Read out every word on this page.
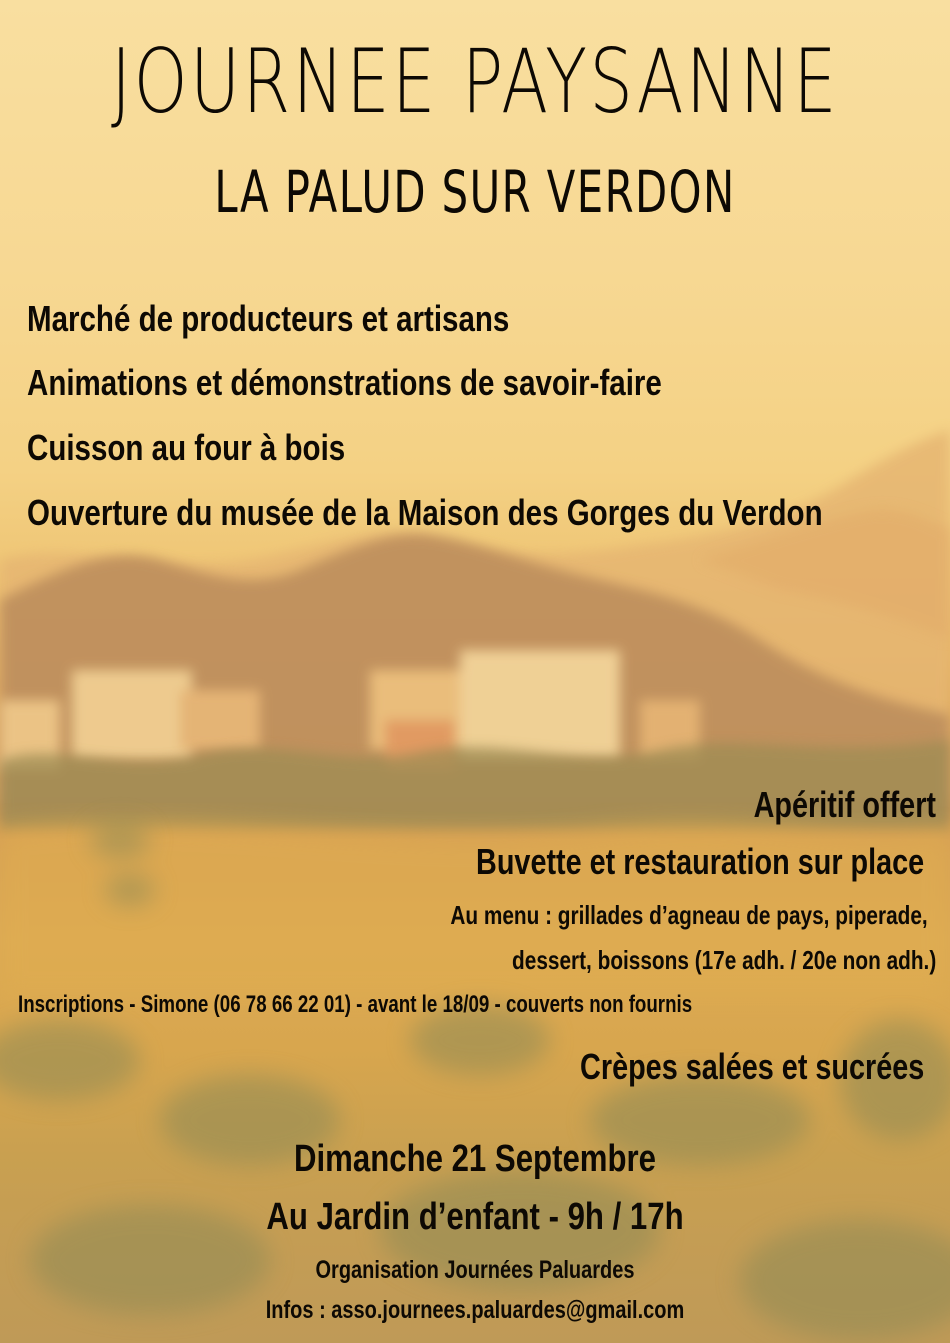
JOURNEE PAYSANNE
LA PALUD SUR VERDON
Marché de producteurs et artisans
Animations et démonstrations de savoir-faire
Cuisson au four à bois
Ouverture du musée de la Maison des Gorges du Verdon
Apéritif offert
Buvette et restauration sur place
Au menu : grillades d’agneau de pays, piperade,
dessert, boissons (17e adh. / 20e non adh.)
Inscriptions - Simone (06 78 66 22 01) - avant le 18/09 - couverts non fournis
Crèpes salées et sucrées
Dimanche 21 Septembre
Au Jardin d’enfant - 9h / 17h
Organisation Journées Paluardes
Infos : asso.journees.paluardes@gmail.com
